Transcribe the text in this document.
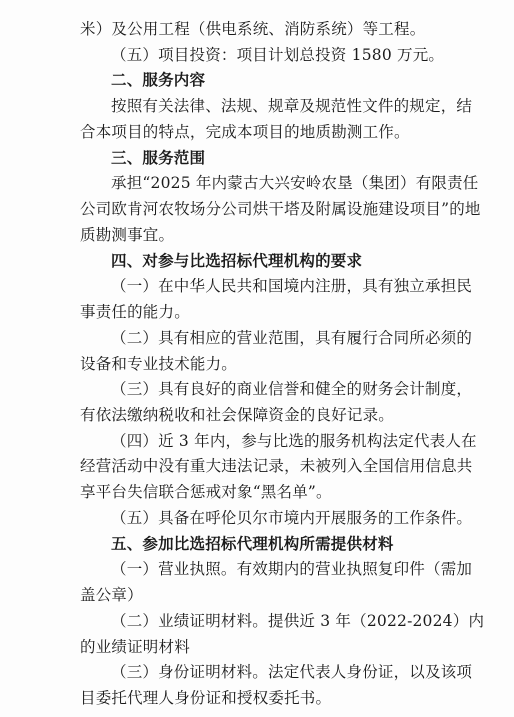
米）及公用工程（供电系统、消防系统）等工程。
（五）项目投资：项目计划总投资 1580 万元。
二、服务内容
按照有关法律、法规、规章及规范性文件的规定，结
合本项目的特点，完成本项目的地质勘测工作。
三、服务范围
承担“2025 年内蒙古大兴安岭农垦（集团）有限责任
公司欧肯河农牧场分公司烘干塔及附属设施建设项目”的地
质勘测事宜。
四、对参与比选招标代理机构的要求
（一）在中华人民共和国境内注册，具有独立承担民
事责任的能力。
（二）具有相应的营业范围，具有履行合同所必须的
设备和专业技术能力。
（三）具有良好的商业信誉和健全的财务会计制度，
有依法缴纳税收和社会保障资金的良好记录。
（四）近 3 年内，参与比选的服务机构法定代表人在
经营活动中没有重大违法记录，未被列入全国信用信息共
享平台失信联合惩戒对象“黑名单”。
（五）具备在呼伦贝尔市境内开展服务的工作条件。
五、参加比选招标代理机构所需提供材料
（一）营业执照。有效期内的营业执照复印件（需加
盖公章）
（二）业绩证明材料。提供近 3 年（2022-2024）内
的业绩证明材料
（三）身份证明材料。法定代表人身份证，以及该项
目委托代理人身份证和授权委托书。
